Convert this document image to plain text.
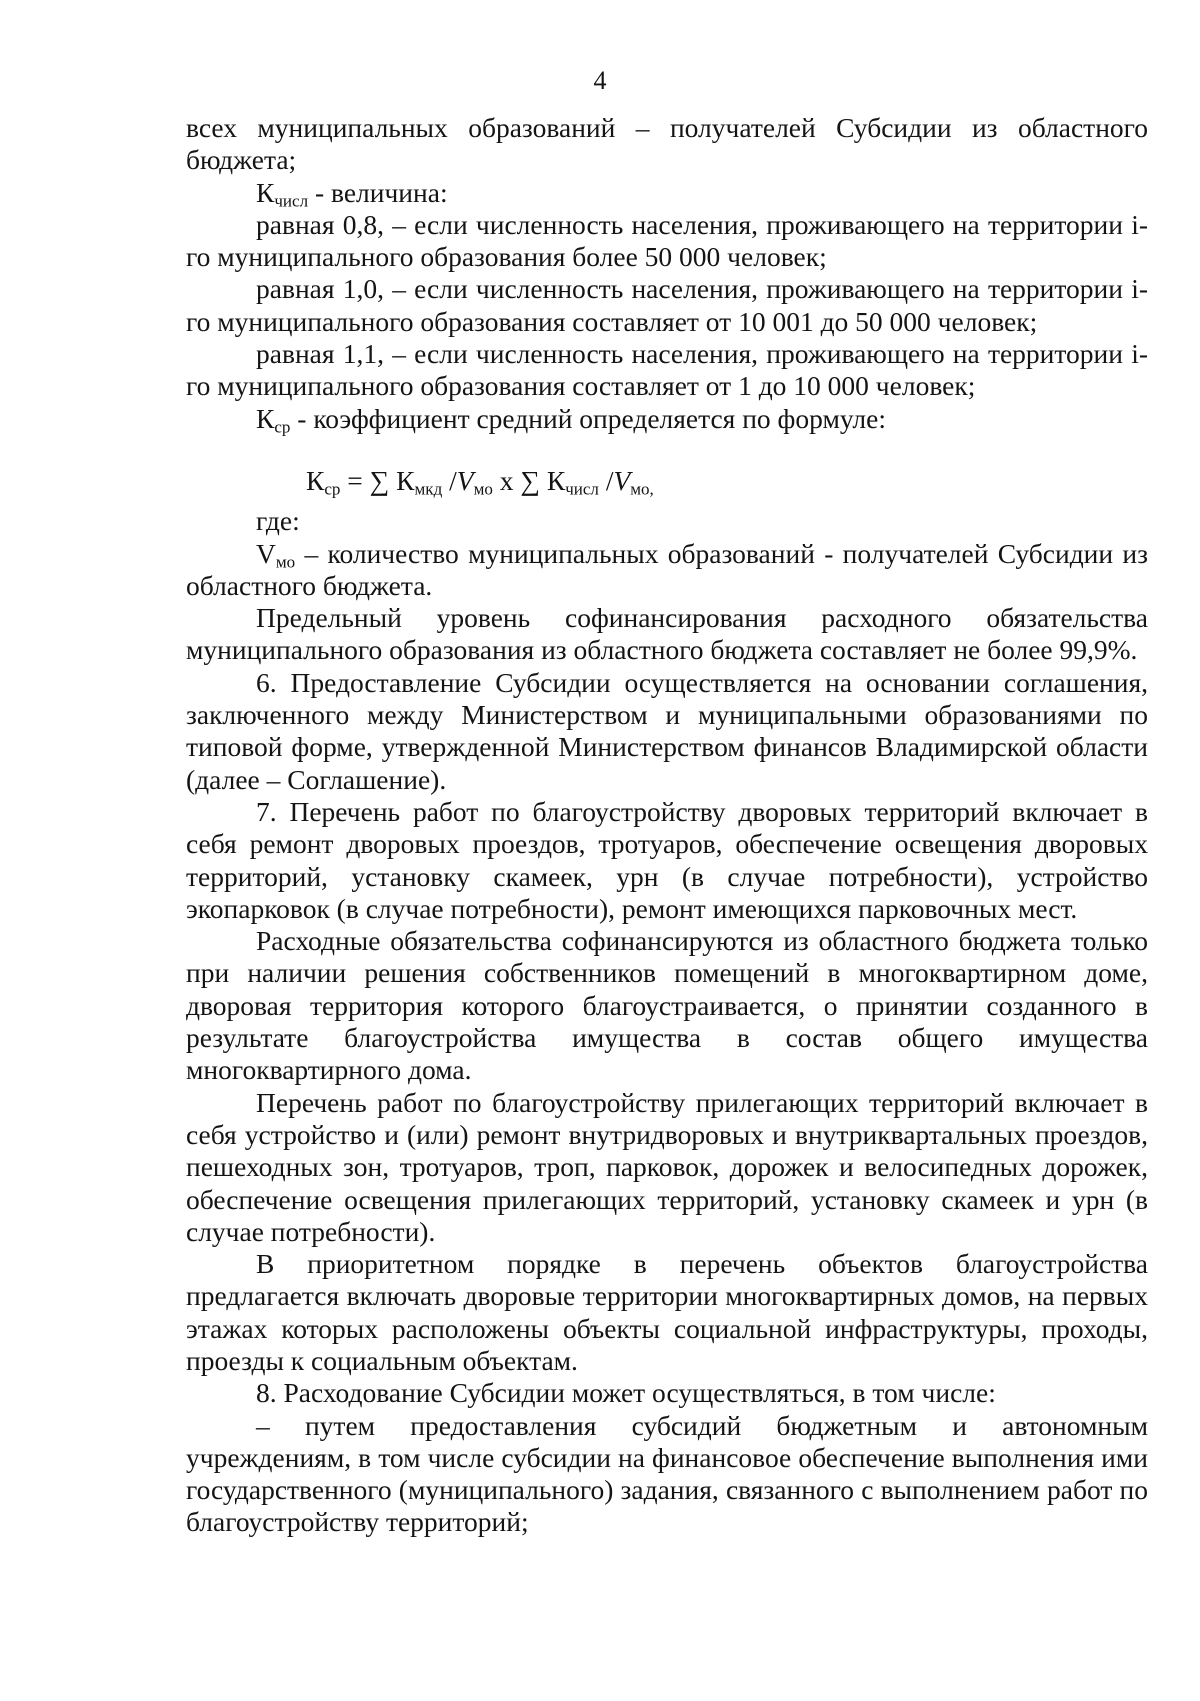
4

всех муниципальных образований – получателей Субсидии из областного бюджета;

$К_{числ}$ - величина:

равная 0,8, – если численность населения, проживающего на территории i-го муниципального образования более 50 000 человек;

равная 1,0, – если численность населения, проживающего на территории i-го муниципального образования составляет от 10 001 до 50 000 человек;

равная 1,1, – если численность населения, проживающего на территории i-го муниципального образования составляет от 1 до 10 000 человек;

$К_{ср}$ - коэффициент средний определяется по формуле:

$К_{ср}$ = ∑ $К_{мкд}$ $/V_{мо}$ х ∑ $К_{числ}$ $/V_{мо,}$

где:

$V_{мо}$ – количество муниципальных образований - получателей Субсидии из областного бюджета.

Предельный уровень софинансирования расходного обязательства муниципального образования из областного бюджета составляет не более 99,9%.

6. Предоставление Субсидии осуществляется на основании соглашения, заключенного между Министерством и муниципальными образованиями по типовой форме, утвержденной Министерством финансов Владимирской области (далее – Соглашение).

7. Перечень работ по благоустройству дворовых территорий включает в себя ремонт дворовых проездов, тротуаров, обеспечение освещения дворовых территорий, установку скамеек, урн (в случае потребности), устройство экопарковок (в случае потребности), ремонт имеющихся парковочных мест.

Расходные обязательства софинансируются из областного бюджета только при наличии решения собственников помещений в многоквартирном доме, дворовая территория которого благоустраивается, о принятии созданного в результате благоустройства имущества в состав общего имущества многоквартирного дома.

Перечень работ по благоустройству прилегающих территорий включает в себя устройство и (или) ремонт внутридворовых и внутриквартальных проездов, пешеходных зон, тротуаров, троп, парковок, дорожек и велосипедных дорожек, обеспечение освещения прилегающих территорий, установку скамеек и урн (в случае потребности).

В приоритетном порядке в перечень объектов благоустройства предлагается включать дворовые территории многоквартирных домов, на первых этажах которых расположены объекты социальной инфраструктуры, проходы, проезды к социальным объектам.

8. Расходование Субсидии может осуществляться, в том числе:

– путем предоставления субсидий бюджетным и автономным учреждениям, в том числе субсидии на финансовое обеспечение выполнения ими государственного (муниципального) задания, связанного с выполнением работ по благоустройству территорий;
